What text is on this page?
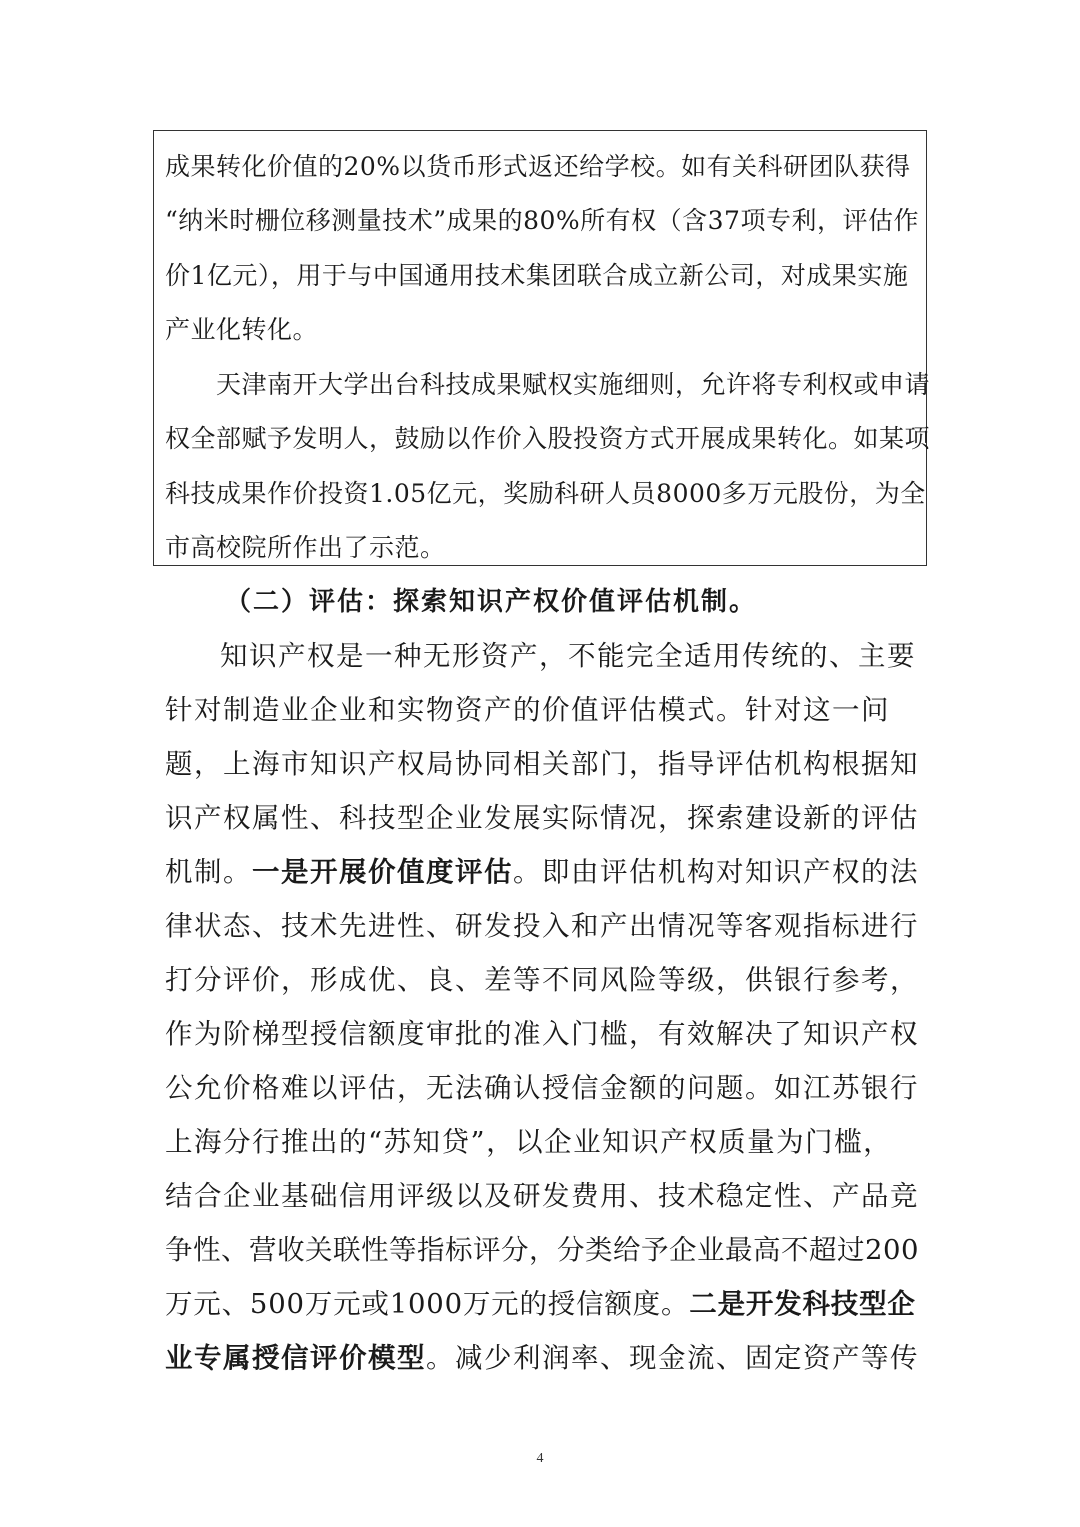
成果转化价值的20%以货币形式返还给学校。如有关科研团队获得
“纳米时栅位移测量技术”成果的80%所有权（含37项专利，评估作
价1亿元），用于与中国通用技术集团联合成立新公司，对成果实施
产业化转化。
天津南开大学出台科技成果赋权实施细则，允许将专利权或申请
权全部赋予发明人，鼓励以作价入股投资方式开展成果转化。如某项
科技成果作价投资1.05亿元，奖励科研人员8000多万元股份，为全
市高校院所作出了示范。
（二）评估：探索知识产权价值评估机制。
知识产权是一种无形资产，不能完全适用传统的、主要
针对制造业企业和实物资产的价值评估模式。针对这一问
题，上海市知识产权局协同相关部门，指导评估机构根据知
识产权属性、科技型企业发展实际情况，探索建设新的评估
机制。一是开展价值度评估。即由评估机构对知识产权的法
律状态、技术先进性、研发投入和产出情况等客观指标进行
打分评价，形成优、良、差等不同风险等级，供银行参考，
作为阶梯型授信额度审批的准入门槛，有效解决了知识产权
公允价格难以评估，无法确认授信金额的问题。如江苏银行
上海分行推出的“苏知贷”，以企业知识产权质量为门槛，
结合企业基础信用评级以及研发费用、技术稳定性、产品竞
争性、营收关联性等指标评分，分类给予企业最高不超过200
万元、500万元或1000万元的授信额度。二是开发科技型企
业专属授信评价模型。减少利润率、现金流、固定资产等传
4
